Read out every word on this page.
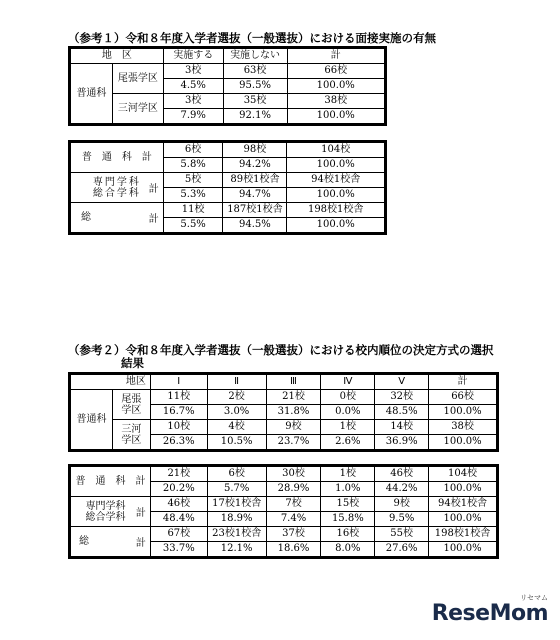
（参考１）令和８年度入学者選抜（一般選抜）における面接実施の有無
地　区		実施する	実施しない	計
普通科	尾張学区	3校	63校	66校
		4.5%	95.5%	100.0%
	三河学区	3校	35校	38校
		7.9%	92.1%	100.0%
普　通　科　計	6校	98校	104校
	5.8%	94.2%	100.0%
専門学科
総合学科 計	5校	89校1校舎	94校1校舎
	5.3%	94.7%	100.0%

総 計	11校	187校1校舎	198校1校舎
	5.5%	94.5%	100.0%
（参考２）令和８年度入学者選抜（一般選抜）における校内順位の決定方式の選択
結果
地区		Ⅰ	Ⅱ	Ⅲ	Ⅳ	Ⅴ	計
普通科	尾張
学区	11校	2校	21校	0校	32校	66校
		16.7%	3.0%	31.8%	0.0%	48.5%	100.0%
	三河
学区	10校	4校	9校	1校	14校	38校
		26.3%	10.5%	23.7%	2.6%	36.9%	100.0%
普　通　科　計	21校	6校	30校	1校	46校	104校
	20.2%	5.7%	28.9%	1.0%	44.2%	100.0%
専門学科
総合学科 計	46校	17校1校舎	7校	15校	9校	94校1校舎
	48.4%	18.9%	7.4%	15.8%	9.5%	100.0%

総 計	67校	23校1校舎	37校	16校	55校	198校1校舎
	33.7%	12.1%	18.6%	8.0%	27.6%	100.0%
リセマム
ReseMom
